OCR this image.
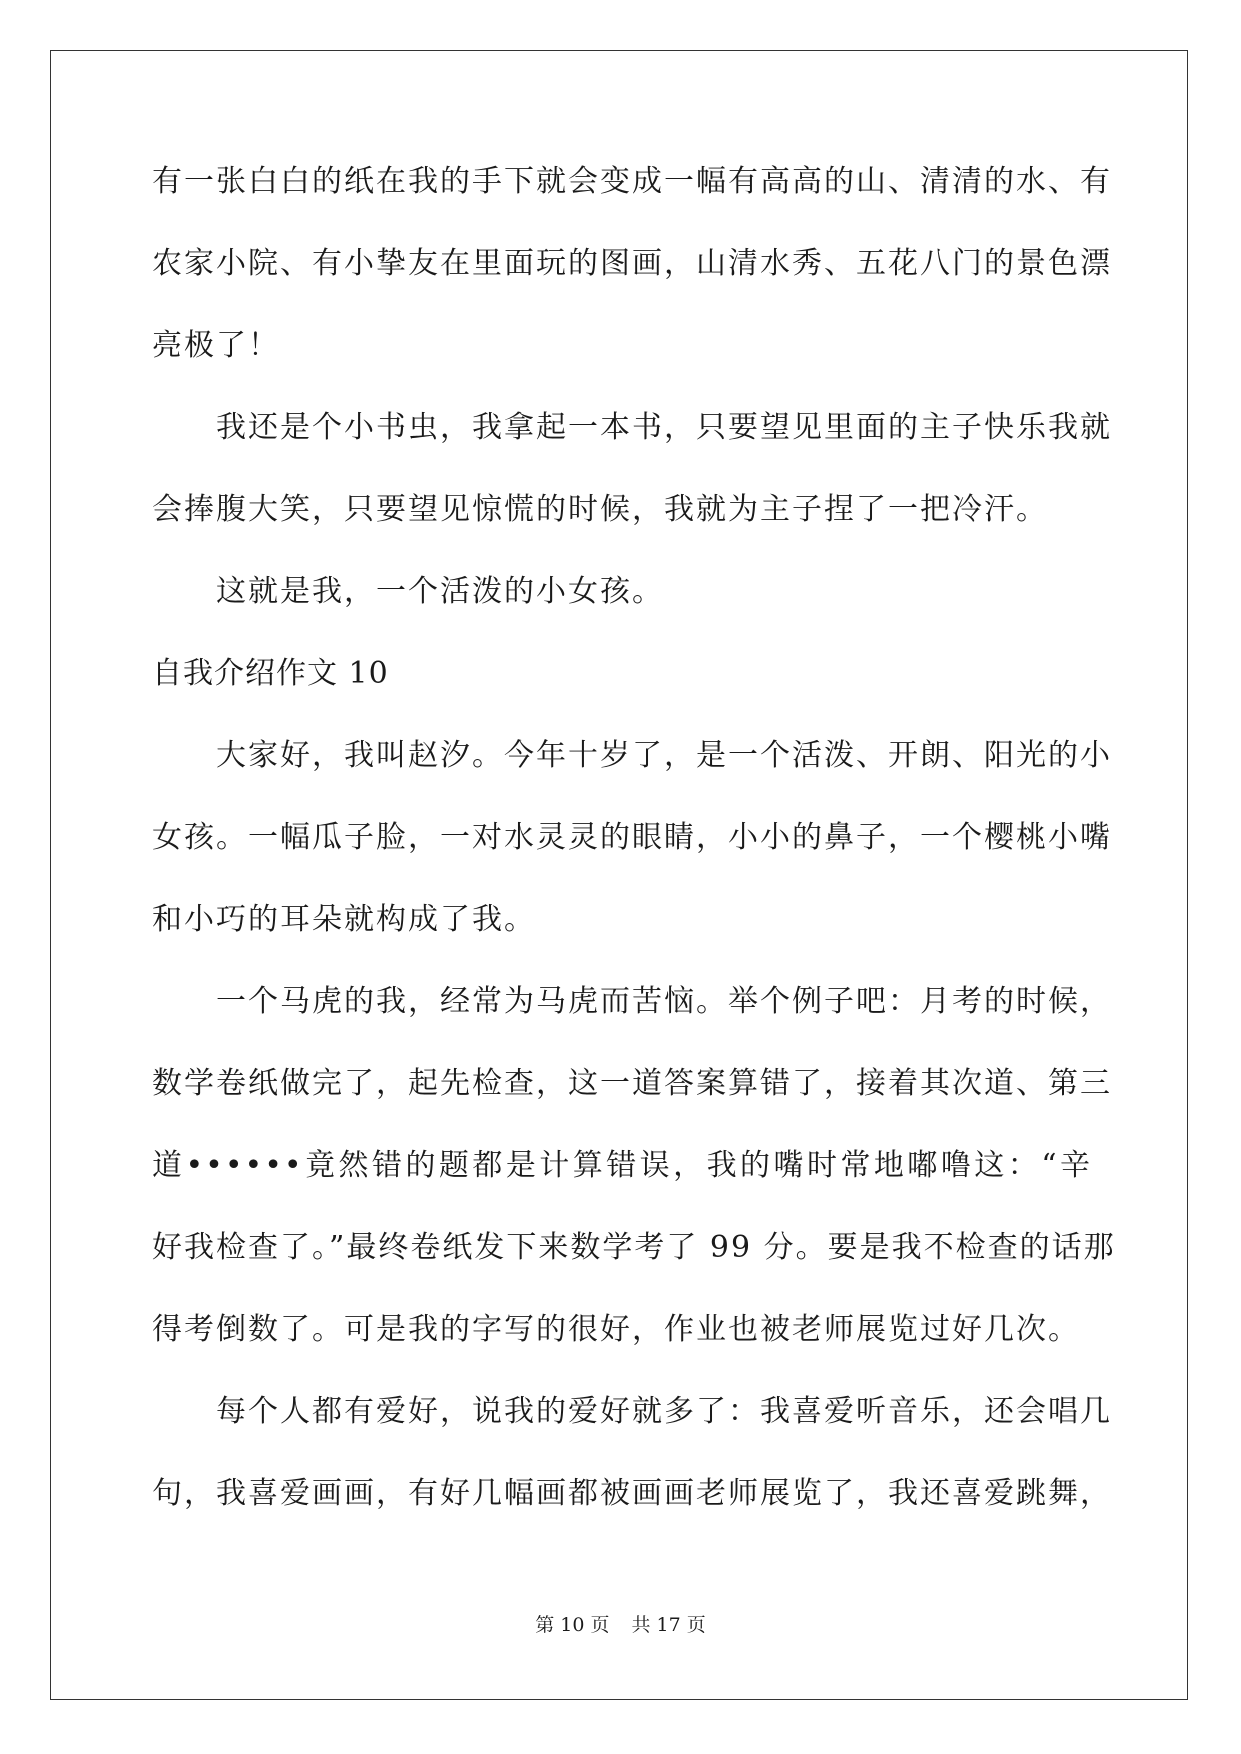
有一张白白的纸在我的手下就会变成一幅有高高的山、清清的水、有
农家小院、有小挚友在里面玩的图画，山清水秀、五花八门的景色漂
亮极了！
我还是个小书虫，我拿起一本书，只要望见里面的主子快乐我就
会捧腹大笑，只要望见惊慌的时候，我就为主子捏了一把冷汗。
这就是我，一个活泼的小女孩。
自我介绍作文 10
大家好，我叫赵汐。今年十岁了，是一个活泼、开朗、阳光的小
女孩。一幅瓜子脸，一对水灵灵的眼睛，小小的鼻子，一个樱桃小嘴
和小巧的耳朵就构成了我。
一个马虎的我，经常为马虎而苦恼。举个例子吧：月考的时候，
数学卷纸做完了，起先检查，这一道答案算错了，接着其次道、第三
道••••••竟然错的题都是计算错误，我的嘴时常地嘟噜这：“辛
好我检查了。”最终卷纸发下来数学考了 99 分。要是我不检查的话那
得考倒数了。可是我的字写的很好，作业也被老师展览过好几次。
每个人都有爱好，说我的爱好就多了：我喜爱听音乐，还会唱几
句，我喜爱画画，有好几幅画都被画画老师展览了，我还喜爱跳舞，
第 10 页 共 17 页
